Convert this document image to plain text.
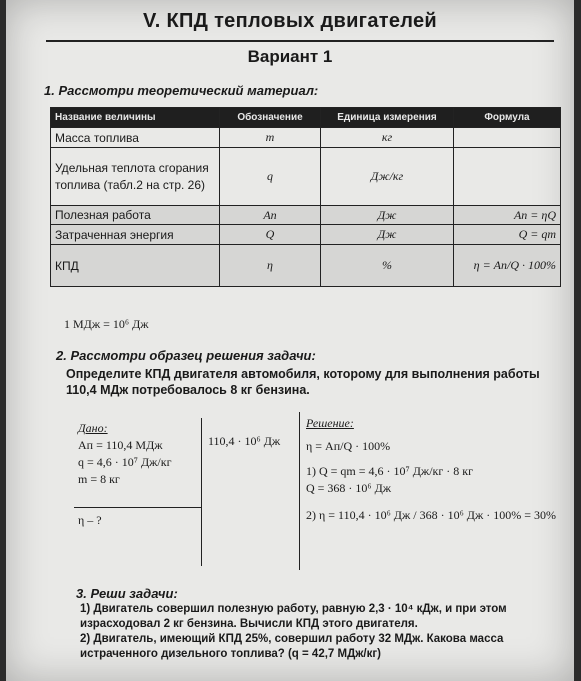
V. КПД тепловых двигателей
Вариант 1
1. Рассмотри теоретический материал:
Название величины	Обозначение	Единица измерения	Формула
Масса топлива	m	кг	
Удельная теплота сгорания топлива (табл.2 на стр. 26)	q	Дж/кг	
Полезная работа	Aп	Дж	Aп = ηQ
Затраченная энергия	Q	Дж	Q = qm
КПД	η	%	η = Aп/Q · 100%
1 МДж = 10⁶ Дж
2. Рассмотри образец решения задачи:
Определите КПД двигателя автомобиля, которому для выполнения работы 110,4 МДж потребовалось 8 кг бензина.
Дано:
Aп = 110,4 МДж
q = 4,6 · 10⁷ Дж/кг
m = 8 кг
η – ?
110,4 · 10⁶ Дж
Решение:
η = Aп/Q · 100%
1) Q = qm = 4,6 · 10⁷ Дж/кг · 8 кг
Q = 368 · 10⁶ Дж
2) η = 110,4 · 10⁶ Дж / 368 · 10⁶ Дж · 100% = 30%
3. Реши задачи:
1) Двигатель совершил полезную работу, равную 2,3 · 10⁴ кДж, и при этом израсходовал 2 кг бензина. Вычисли КПД этого двигателя.
2) Двигатель, имеющий КПД 25%, совершил работу 32 МДж. Какова масса истраченного дизельного топлива? (q = 42,7 МДж/кг)
